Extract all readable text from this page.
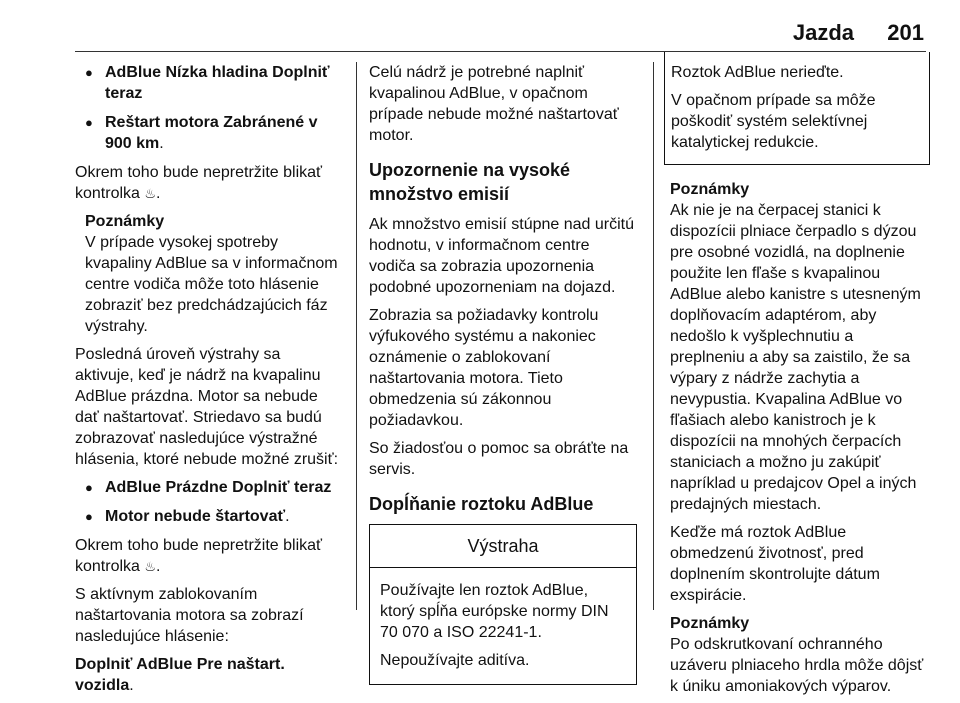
Jazda 201
● AdBlue Nízka hladina Doplniť teraz
● Reštart motora Zabránené v 900 km.

Okrem toho bude nepretržite blikať kontrolka ♨.

Poznámky
V prípade vysokej spotreby kvapaliny AdBlue sa v informačnom centre vodiča môže toto hlásenie zobraziť bez predchádzajúcich fáz výstrahy.

Posledná úroveň výstrahy sa aktivuje, keď je nádrž na kvapalinu AdBlue prázdna. Motor sa nebude dať naštartovať. Striedavo sa budú zobrazovať nasledujúce výstražné hlásenia, ktoré nebude možné zrušiť:

● AdBlue Prázdne Doplniť teraz
● Motor nebude štartovať.

Okrem toho bude nepretržite blikať kontrolka ♨.

S aktívnym zablokovaním naštartovania motora sa zobrazí nasledujúce hlásenie:

Doplniť AdBlue Pre naštart. vozidla.

Celú nádrž je potrebné naplniť kvapalinou AdBlue, v opačnom prípade nebude možné naštartovať motor.

Upozornenie na vysoké množstvo emisií

Ak množstvo emisií stúpne nad určitú hodnotu, v informačnom centre vodiča sa zobrazia upozornenia podobné upozorneniam na dojazd.

Zobrazia sa požiadavky kontrolu výfukového systému a nakoniec oznámenie o zablokovaní naštartovania motora. Tieto obmedzenia sú zákonnou požiadavkou.

So žiadosťou o pomoc sa obráťte na servis.

Dopĺňanie roztoku AdBlue
Výstraha

Používajte len roztok AdBlue, ktorý spĺňa európske normy DIN 70 070 a ISO 22241-1.

Nepoužívajte aditíva.

Roztok AdBlue nerieďte.

V opačnom prípade sa môže poškodiť systém selektívnej katalytickej redukcie.

Poznámky
Ak nie je na čerpacej stanici k dispozícii plniace čerpadlo s dýzou pre osobné vozidlá, na doplnenie použite len fľaše s kvapalinou AdBlue alebo kanistre s utesneným doplňovacím adaptérom, aby nedošlo k vyšplechnutiu a preplneniu a aby sa zaistilo, že sa výpary z nádrže zachytia a nevypustia. Kvapalina AdBlue vo fľašiach alebo kanistroch je k dispozícii na mnohých čerpacích staniciach a možno ju zakúpiť napríklad u predajcov Opel a iných predajných miestach.

Keďže má roztok AdBlue obmedzenú životnosť, pred doplnením skontrolujte dátum exspirácie.

Poznámky
Po odskrutkovaní ochranného uzáveru plniaceho hrdla môže dôjsť k úniku amoniakových výparov.
